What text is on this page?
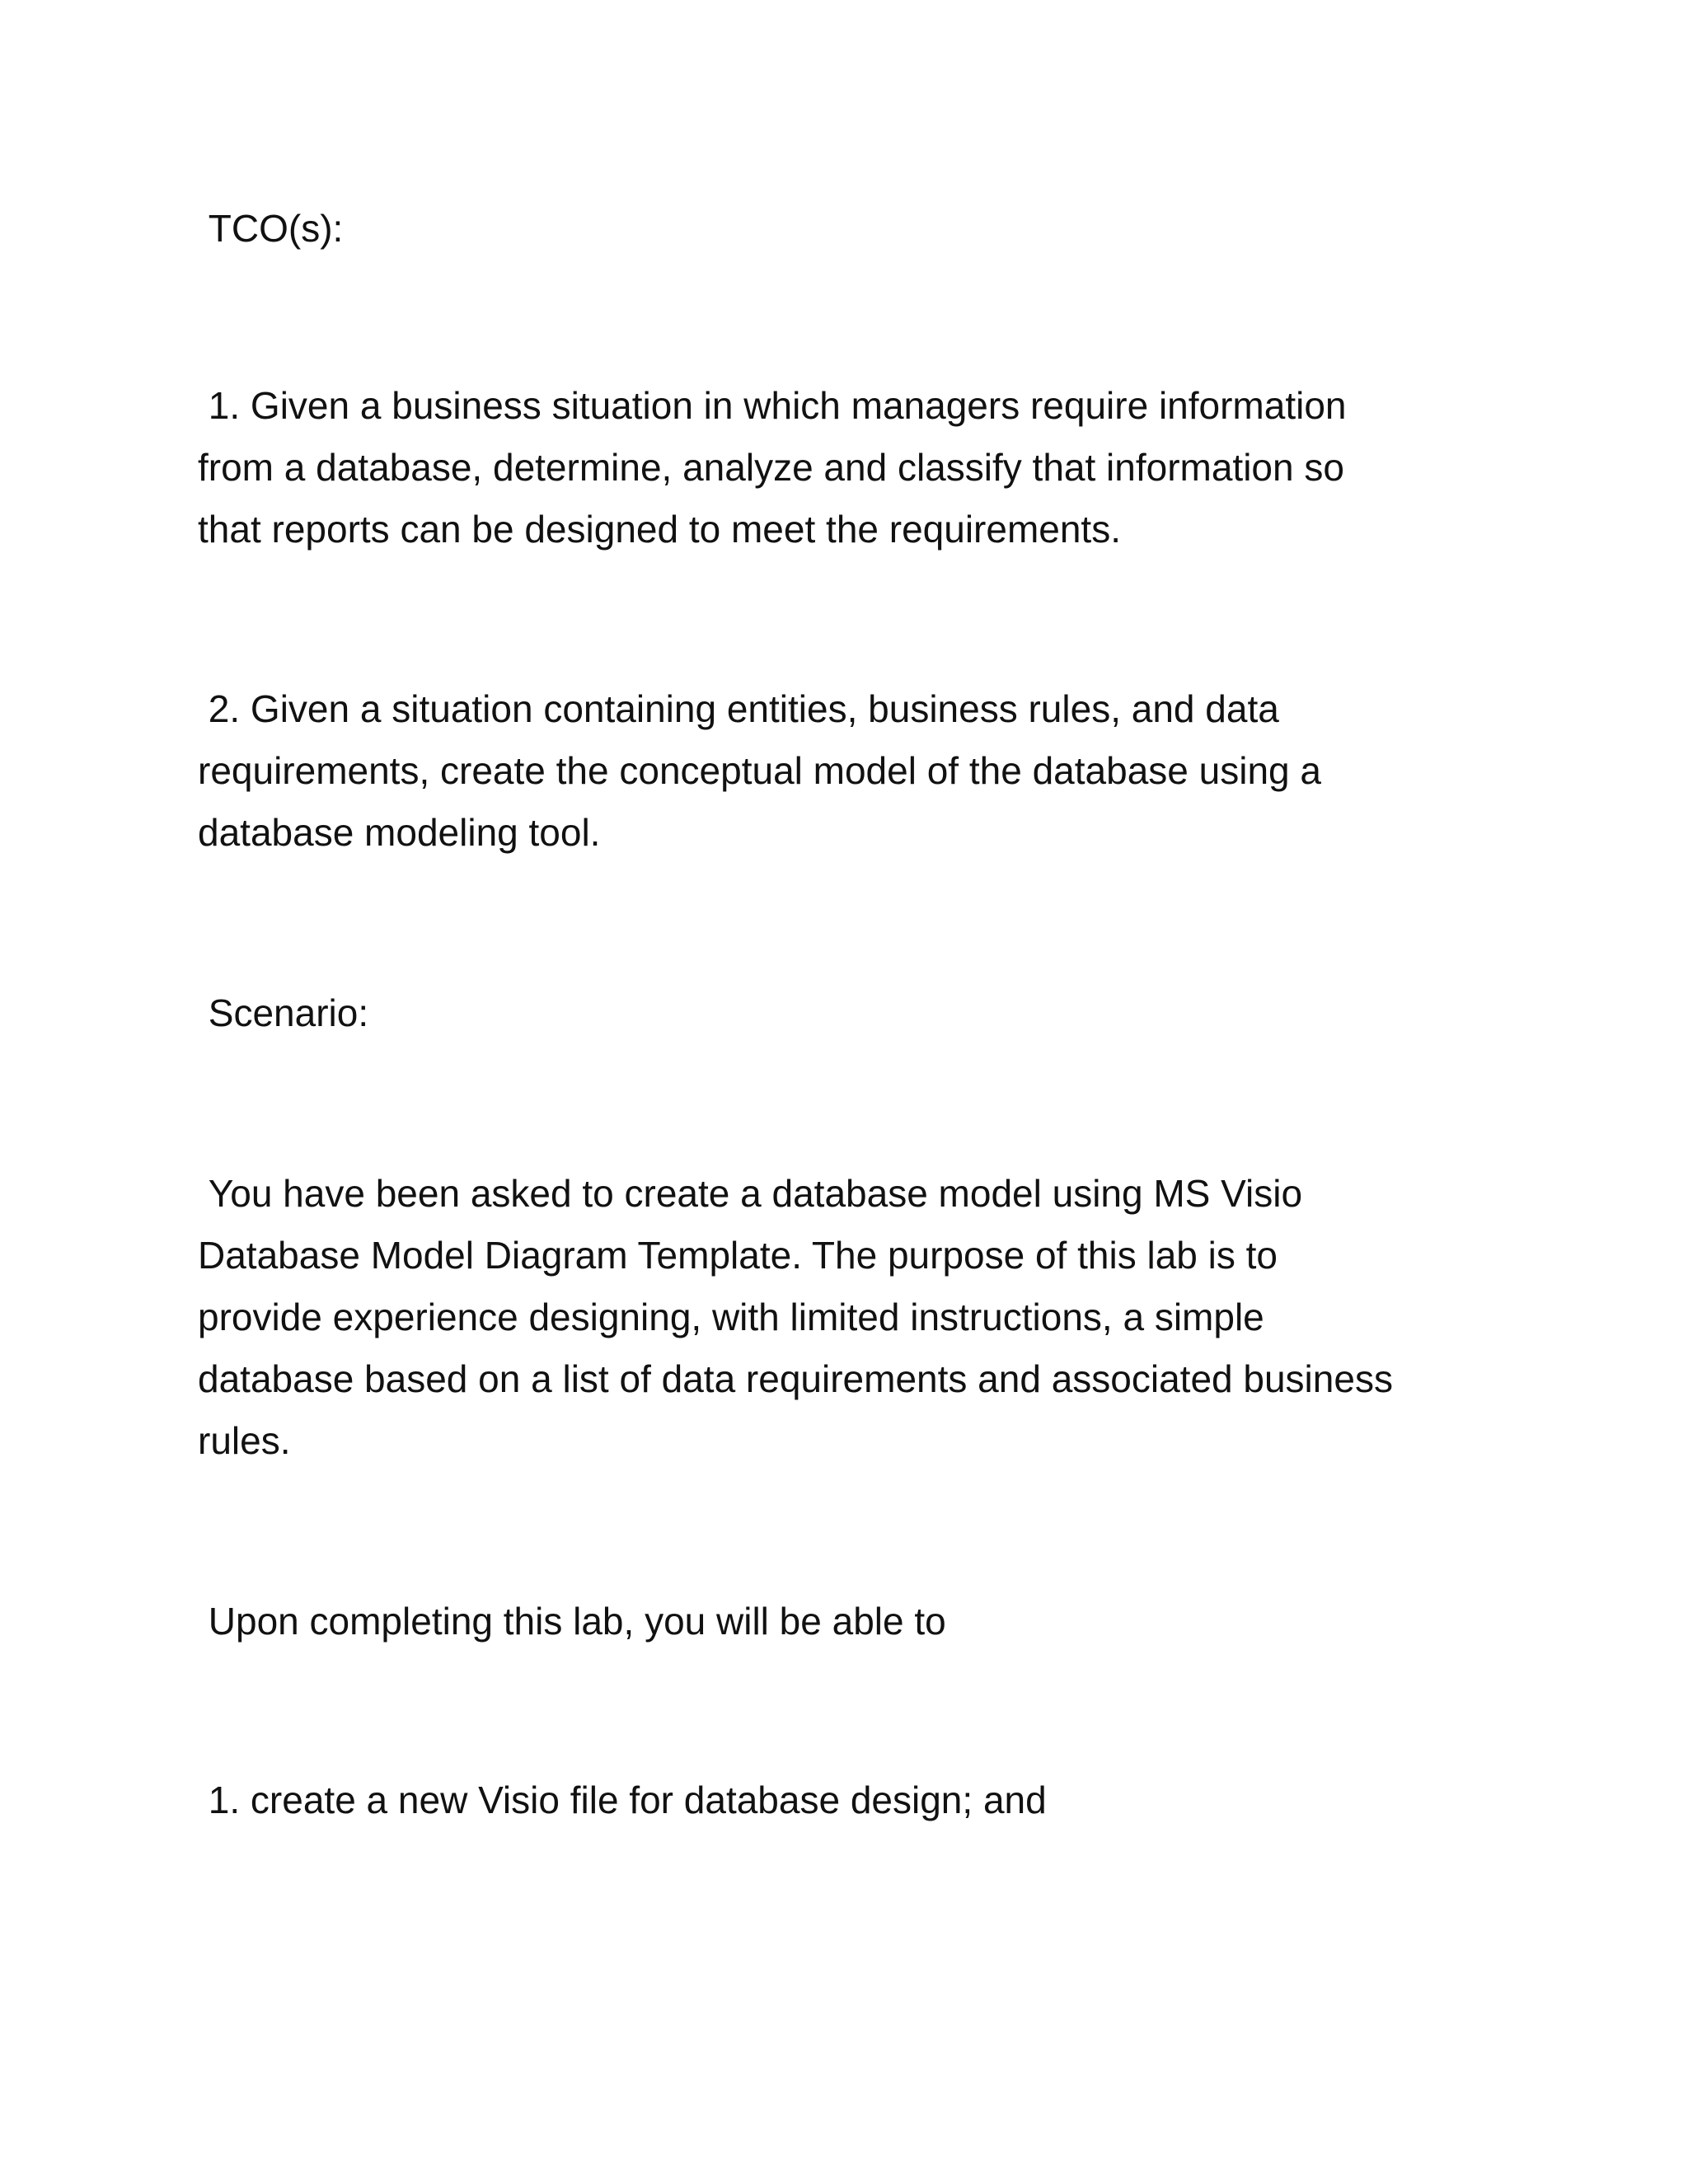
TCO(s):

1. Given a business situation in which managers require information
from a database, determine, analyze and classify that information so
that reports can be designed to meet the requirements.

2. Given a situation containing entities, business rules, and data
requirements, create the conceptual model of the database using a
database modeling tool.

Scenario:

You have been asked to create a database model using MS Visio
Database Model Diagram Template. The purpose of this lab is to
provide experience designing, with limited instructions, a simple
database based on a list of data requirements and associated business
rules.

Upon completing this lab, you will be able to

1. create a new Visio file for database design; and
